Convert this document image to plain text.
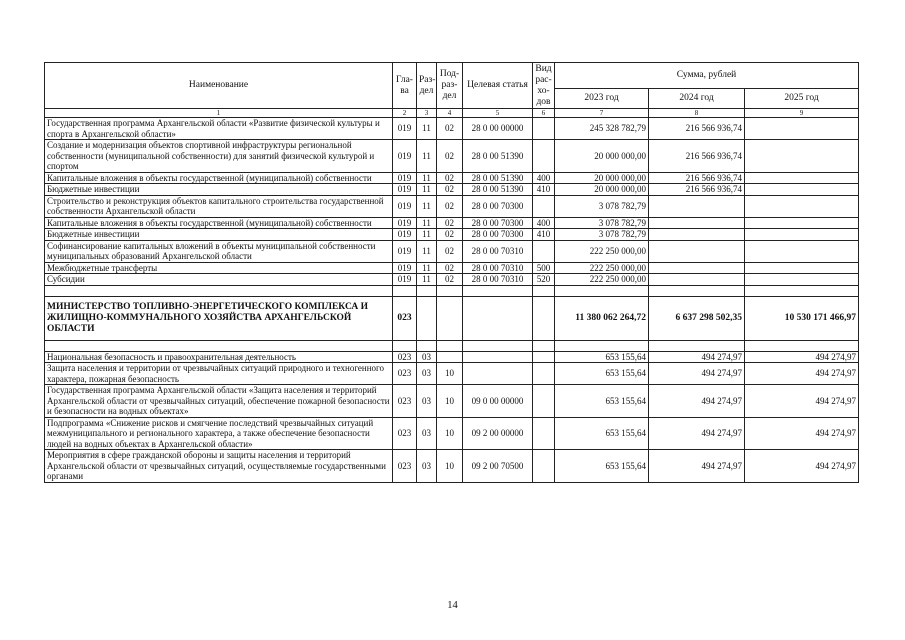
Наименование	Гла-ва	Раз-дел	Под-раз-дел	Целевая статья	Вид рас-хо-дов	Сумма, рублей		
						2023 год	2024 год	2025 год
1	2	3	4	5	6	7	8	9
Государственная программа Архангельской области «Развитие физической культуры и спорта в Архангельской области»	019	11	02	28 0 00 00000		245 328 782,79	216 566 936,74	
Создание и модернизация объектов спортивной инфраструктуры региональной собственности (муниципальной собственности) для занятий физической культурой и спортом	019	11	02	28 0 00 51390		20 000 000,00	216 566 936,74	
Капитальные вложения в объекты государственной (муниципальной) собственности	019	11	02	28 0 00 51390	400	20 000 000,00	216 566 936,74	
Бюджетные инвестиции	019	11	02	28 0 00 51390	410	20 000 000,00	216 566 936,74	
Строительство и реконструкция объектов капитального строительства государственной собственности Архангельской области	019	11	02	28 0 00 70300		3 078 782,79		
Капитальные вложения в объекты государственной (муниципальной) собственности	019	11	02	28 0 00 70300	400	3 078 782,79		
Бюджетные инвестиции	019	11	02	28 0 00 70300	410	3 078 782,79		
Софинансирование капитальных вложений в объекты муниципальной собственности муниципальных образований Архангельской области	019	11	02	28 0 00 70310		222 250 000,00		
Межбюджетные трансферты	019	11	02	28 0 00 70310	500	222 250 000,00		
Субсидии	019	11	02	28 0 00 70310	520	222 250 000,00		

МИНИСТЕРСТВО ТОПЛИВНО-ЭНЕРГЕТИЧЕСКОГО КОМПЛЕКСА И ЖИЛИЩНО-КОММУНАЛЬНОГО ХОЗЯЙСТВА АРХАНГЕЛЬСКОЙ ОБЛАСТИ	023					11 380 062 264,72	6 637 298 502,35	10 530 171 466,97

Национальная безопасность и правоохранительная деятельность	023	03				653 155,64	494 274,97	494 274,97
Защита населения и территории от чрезвычайных ситуаций природного и техногенного характера, пожарная безопасность	023	03	10			653 155,64	494 274,97	494 274,97
Государственная программа Архангельской области «Защита населения и территорий Архангельской области от чрезвычайных ситуаций, обеспечение пожарной безопасности и безопасности на водных объектах»	023	03	10	09 0 00 00000		653 155,64	494 274,97	494 274,97
Подпрограмма «Снижение рисков и смягчение последствий чрезвычайных ситуаций межмуниципального и регионального характера, а также обеспечение безопасности людей на водных объектах в Архангельской области»	023	03	10	09 2 00 00000		653 155,64	494 274,97	494 274,97
Мероприятия в сфере гражданской обороны и защиты населения и территорий Архангельской области от чрезвычайных ситуаций, осуществляемые государственными органами	023	03	10	09 2 00 70500		653 155,64	494 274,97	494 274,97
14
